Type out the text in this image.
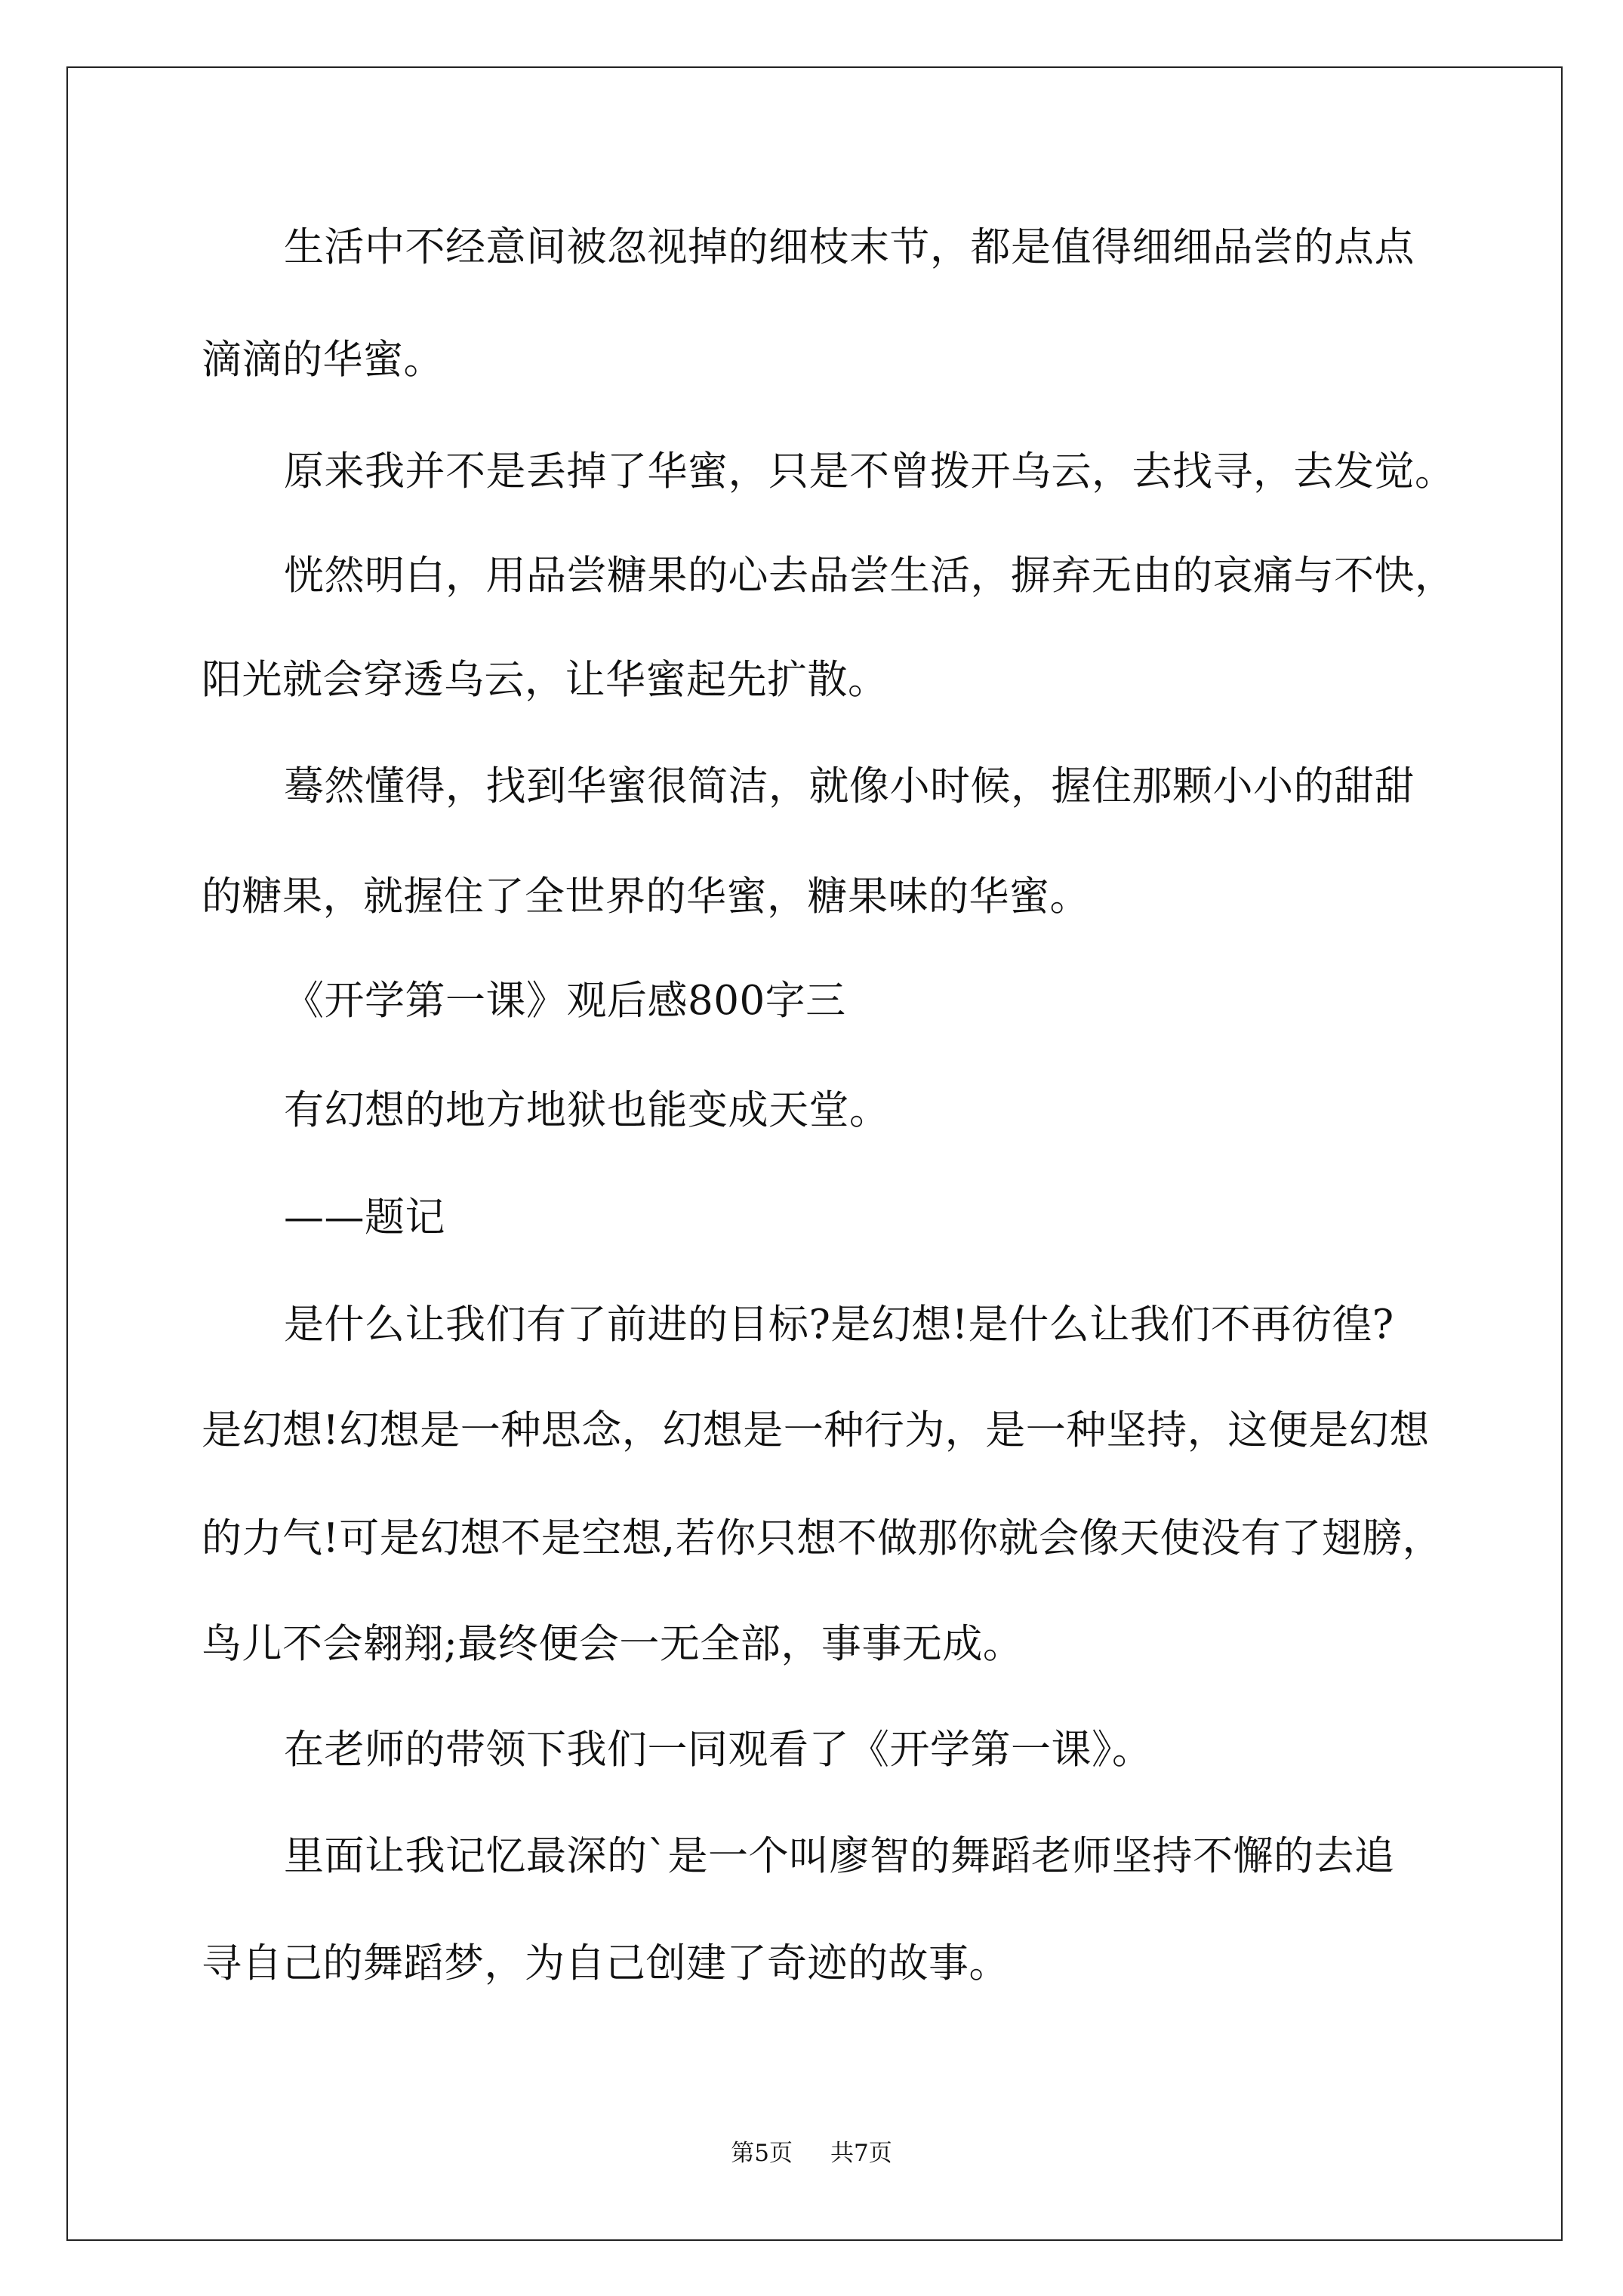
生活中不经意间被忽视掉的细枝末节，都是值得细细品尝的点点
滴滴的华蜜。
原来我并不是丢掉了华蜜，只是不曾拨开乌云，去找寻，去发觉。
恍然明白，用品尝糖果的心去品尝生活，摒弃无由的哀痛与不快，
阳光就会穿透乌云，让华蜜起先扩散。
蓦然懂得，找到华蜜很简洁，就像小时候，握住那颗小小的甜甜
的糖果，就握住了全世界的华蜜，糖果味的华蜜。
《开学第一课》观后感800字三
有幻想的地方地狱也能变成天堂。
——题记
是什么让我们有了前进的目标?是幻想!是什么让我们不再彷徨?
是幻想!幻想是一种思念，幻想是一种行为，是一种坚持，这便是幻想
的力气!可是幻想不是空想,若你只想不做那你就会像天使没有了翅膀，
鸟儿不会翱翔;最终便会一无全部，事事无成。
在老师的带领下我们一同观看了《开学第一课》。
里面让我记忆最深的`是一个叫廖智的舞蹈老师坚持不懈的去追
寻自己的舞蹈梦，为自己创建了奇迹的故事。
第5页 共7页
